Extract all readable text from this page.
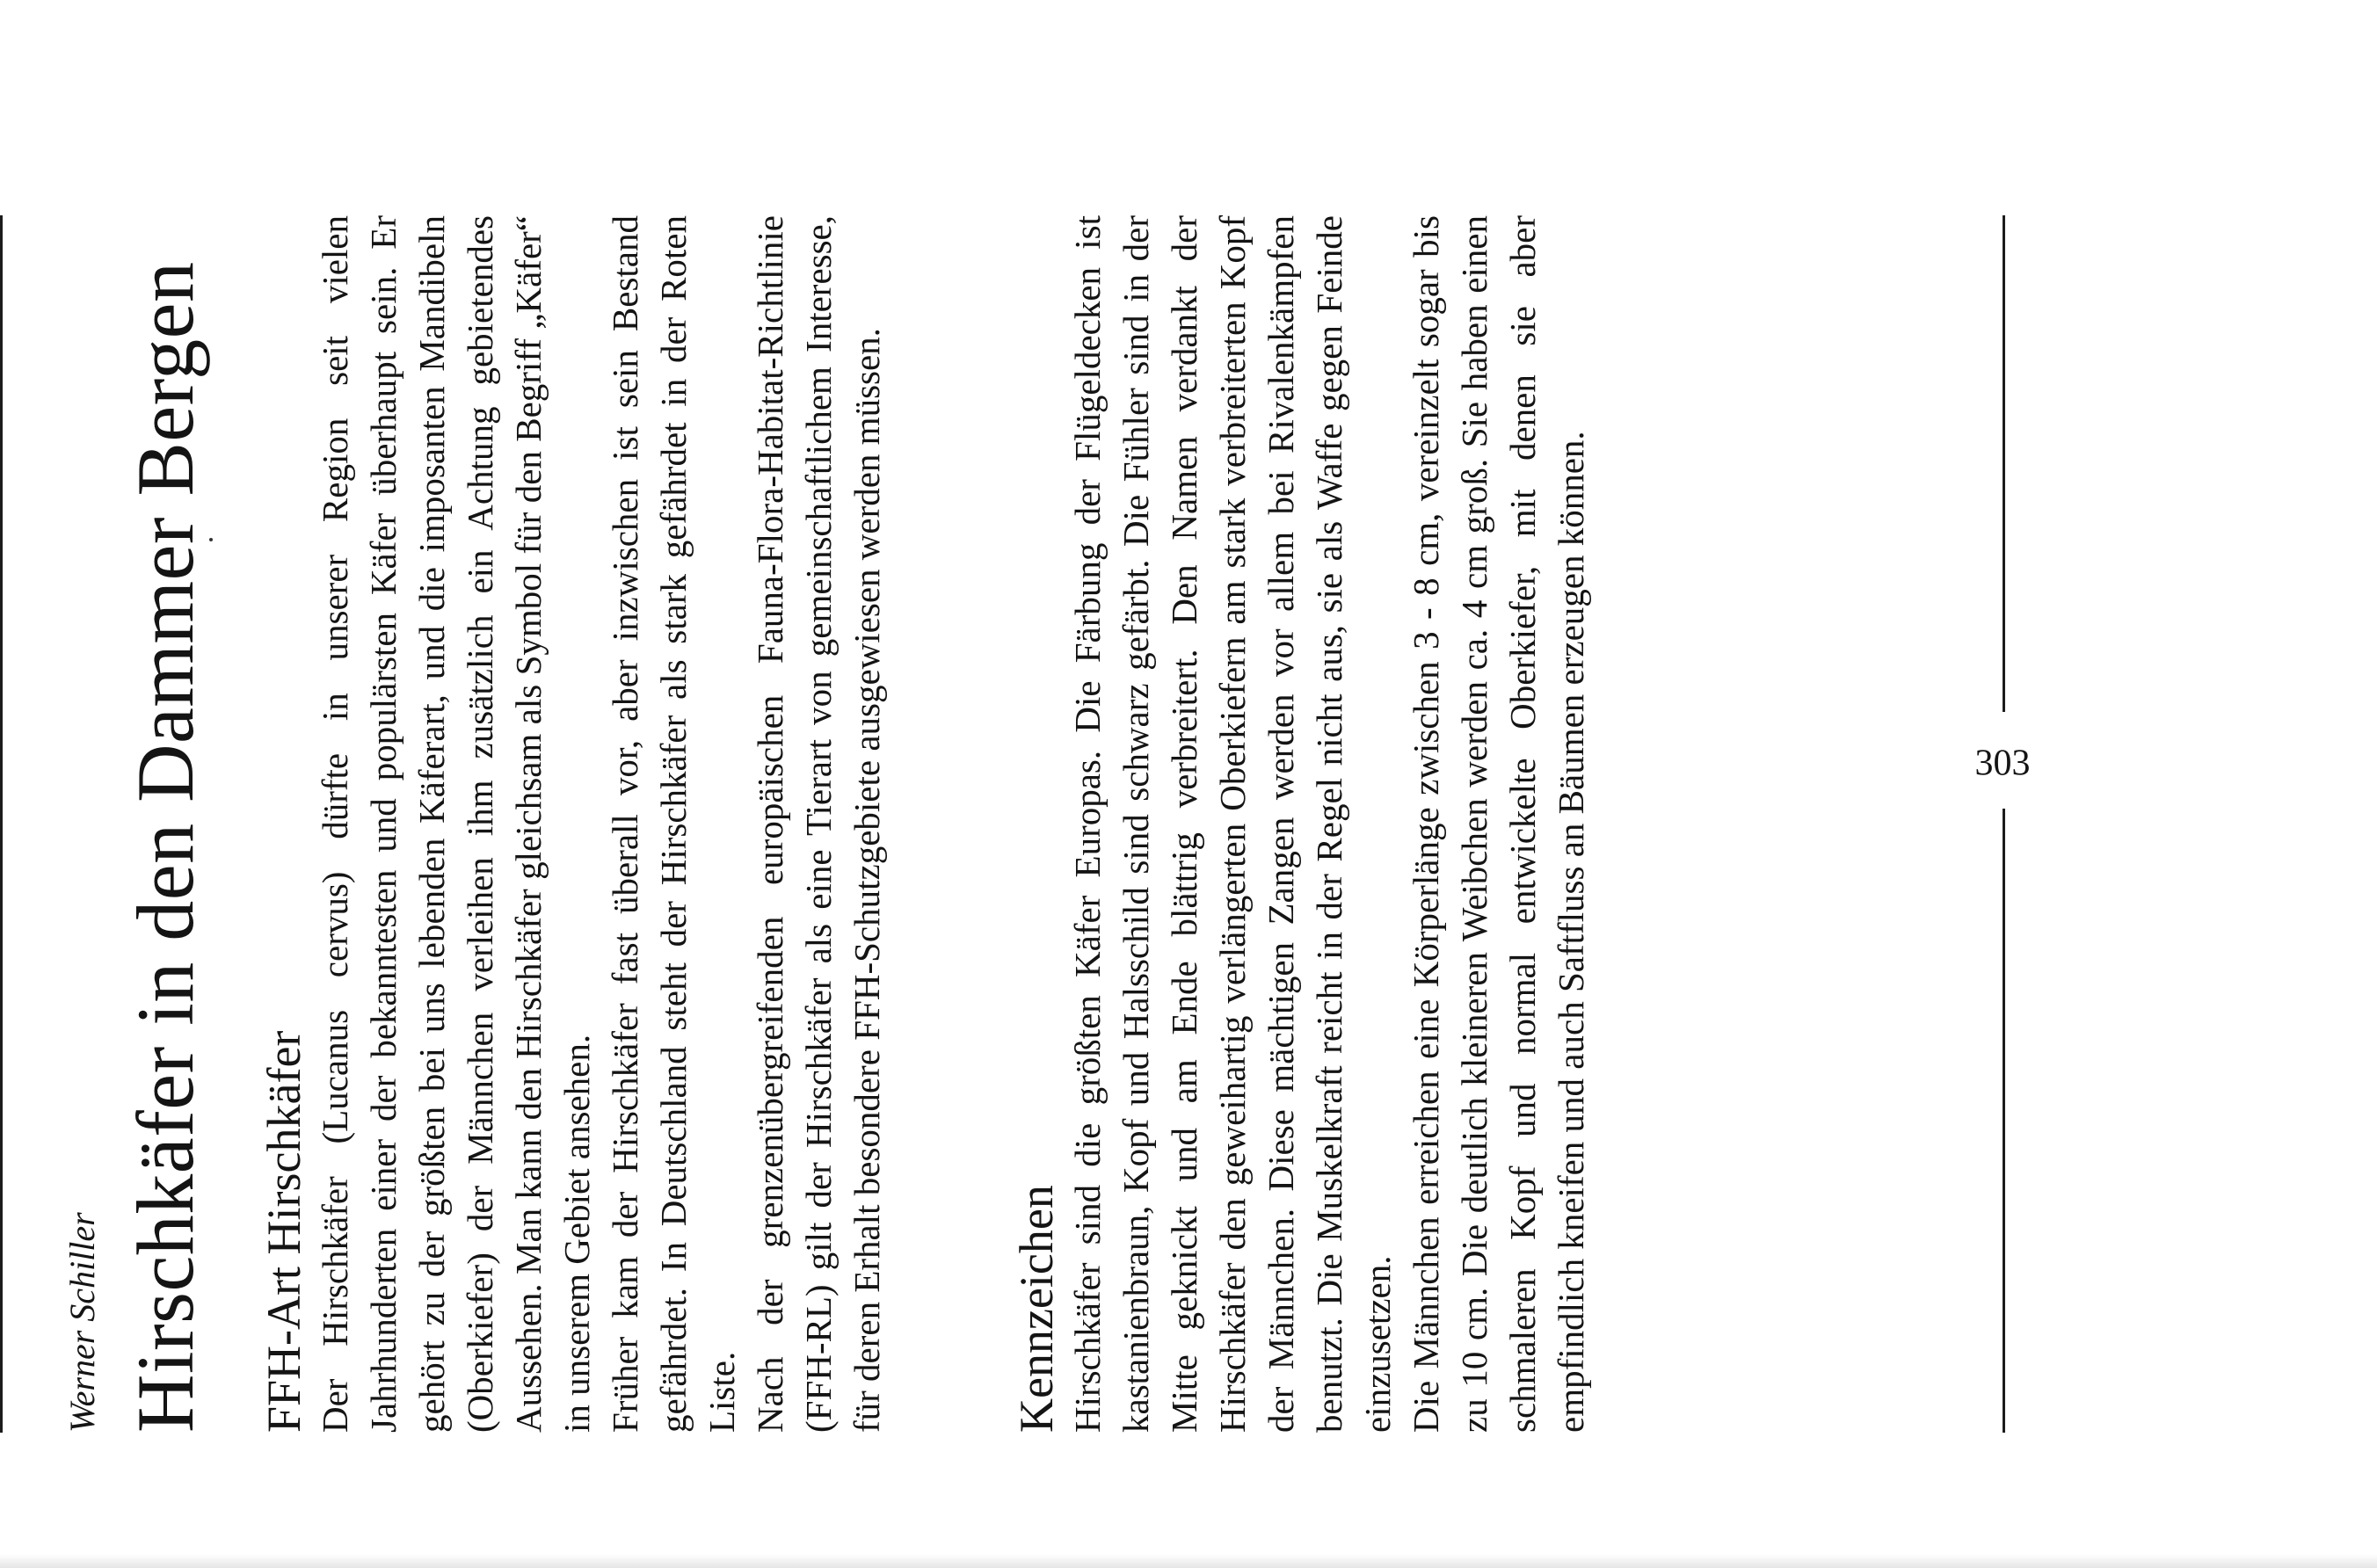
Werner Schiller Hirschkäfer in den Dammer Bergen FFH-Art Hirschkäfer Der Hirschkäfer (Lucanus cervus) dürfte in unserer Region seit vielen Jahrhunderten einer der bekanntesten und populärsten Käfer überhaupt sein. Er gehört zu der größten bei uns lebenden Käferart, und die imposanten Mandibeln (Oberkiefer) der Männchen verleihen ihm zusätzlich ein Achtung gebietendes Aussehen. Man kann den Hirschkäfer gleichsam als Symbol für den Begriff „Käfer“ in unserem Gebiet ansehen. Früher kam der Hirschkäfer fast überall vor, aber inzwischen ist sein Bestand gefährdet. In Deutschland steht der Hirschkäfer als stark gefährdet in der Roten Liste. Nach der grenzenübergreifenden europäischen Fauna-Flora-Habitat-Richtlinie (FFH-RL) gilt der Hirschkäfer als eine Tierart von gemeinschaftlichem Interesse, für deren Erhalt besondere FFH-Schutzgebiete ausgewiesen werden müssen.	Kennzeichen Hirschkäfer sind die größten Käfer Europas. Die Färbung der Flügeldecken ist kastanienbraun, Kopf und Halsschild sind schwarz gefärbt. Die Fühler sind in der Mitte geknickt und am Ende blättrig verbreitert. Den Namen verdankt der Hirschkäfer den geweihartig verlängerten Oberkiefern am stark verbreiterten Kopf der Männchen. Diese mächtigen Zangen werden vor allem bei Rivalenkämpfen benutzt. Die Muskelkraft reicht in der Regel nicht aus, sie als Waffe gegen Feinde einzusetzen. Die Männchen erreichen eine Körperlänge zwischen 3 - 8 cm, vereinzelt sogar bis zu 10 cm. Die deutlich kleineren Weibchen werden ca. 4 cm groß. Sie haben einen schmaleren Kopf und normal entwickelte Oberkiefer, mit denen sie aber empfindlich kneifen und auch Saftfluss an Bäumen erzeugen können.	303
